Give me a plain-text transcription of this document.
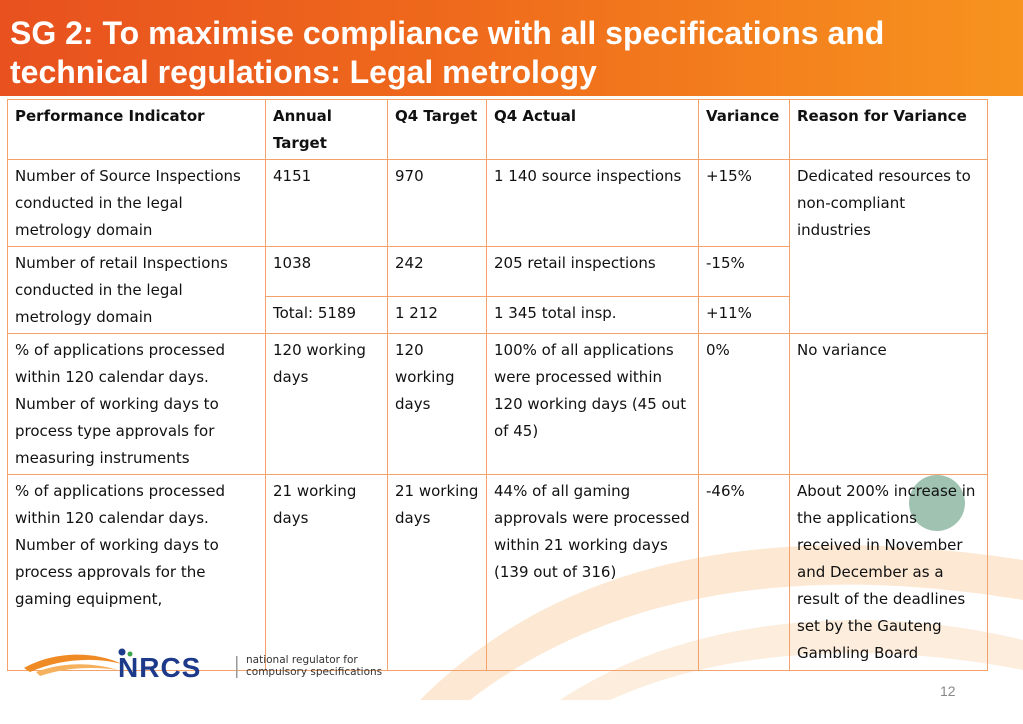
SG 2: To maximise compliance with all specifications and technical regulations: Legal metrology
Performance Indicator	Annual Target	Q4 Target	Q4 Actual	Variance	Reason for Variance
Number of Source Inspections conducted in the legal metrology domain	4151	970	1 140 source inspections	+15%	Dedicated resources to non-compliant industries
Number of retail Inspections conducted in the legal metrology domain	1038	242	205 retail inspections	-15%	
	Total: 5189	1 212	1 345 total insp.	+11%	
% of applications processed within 120 calendar days. Number of working days to process type approvals for measuring instruments	120 working days	120 working days	100% of all applications were processed within 120 working days (45 out of 45)	0%	No variance
% of applications processed within 120 calendar days. Number of working days to process approvals for the gaming equipment,	21 working days	21 working days	44% of all gaming approvals were processed within 21 working days (139 out of 316)	-46%	About 200% increase in the applications received in November and December as a result of the deadlines set by the Gauteng Gambling Board
NRCS	national regulator for
compulsory specifications
12
